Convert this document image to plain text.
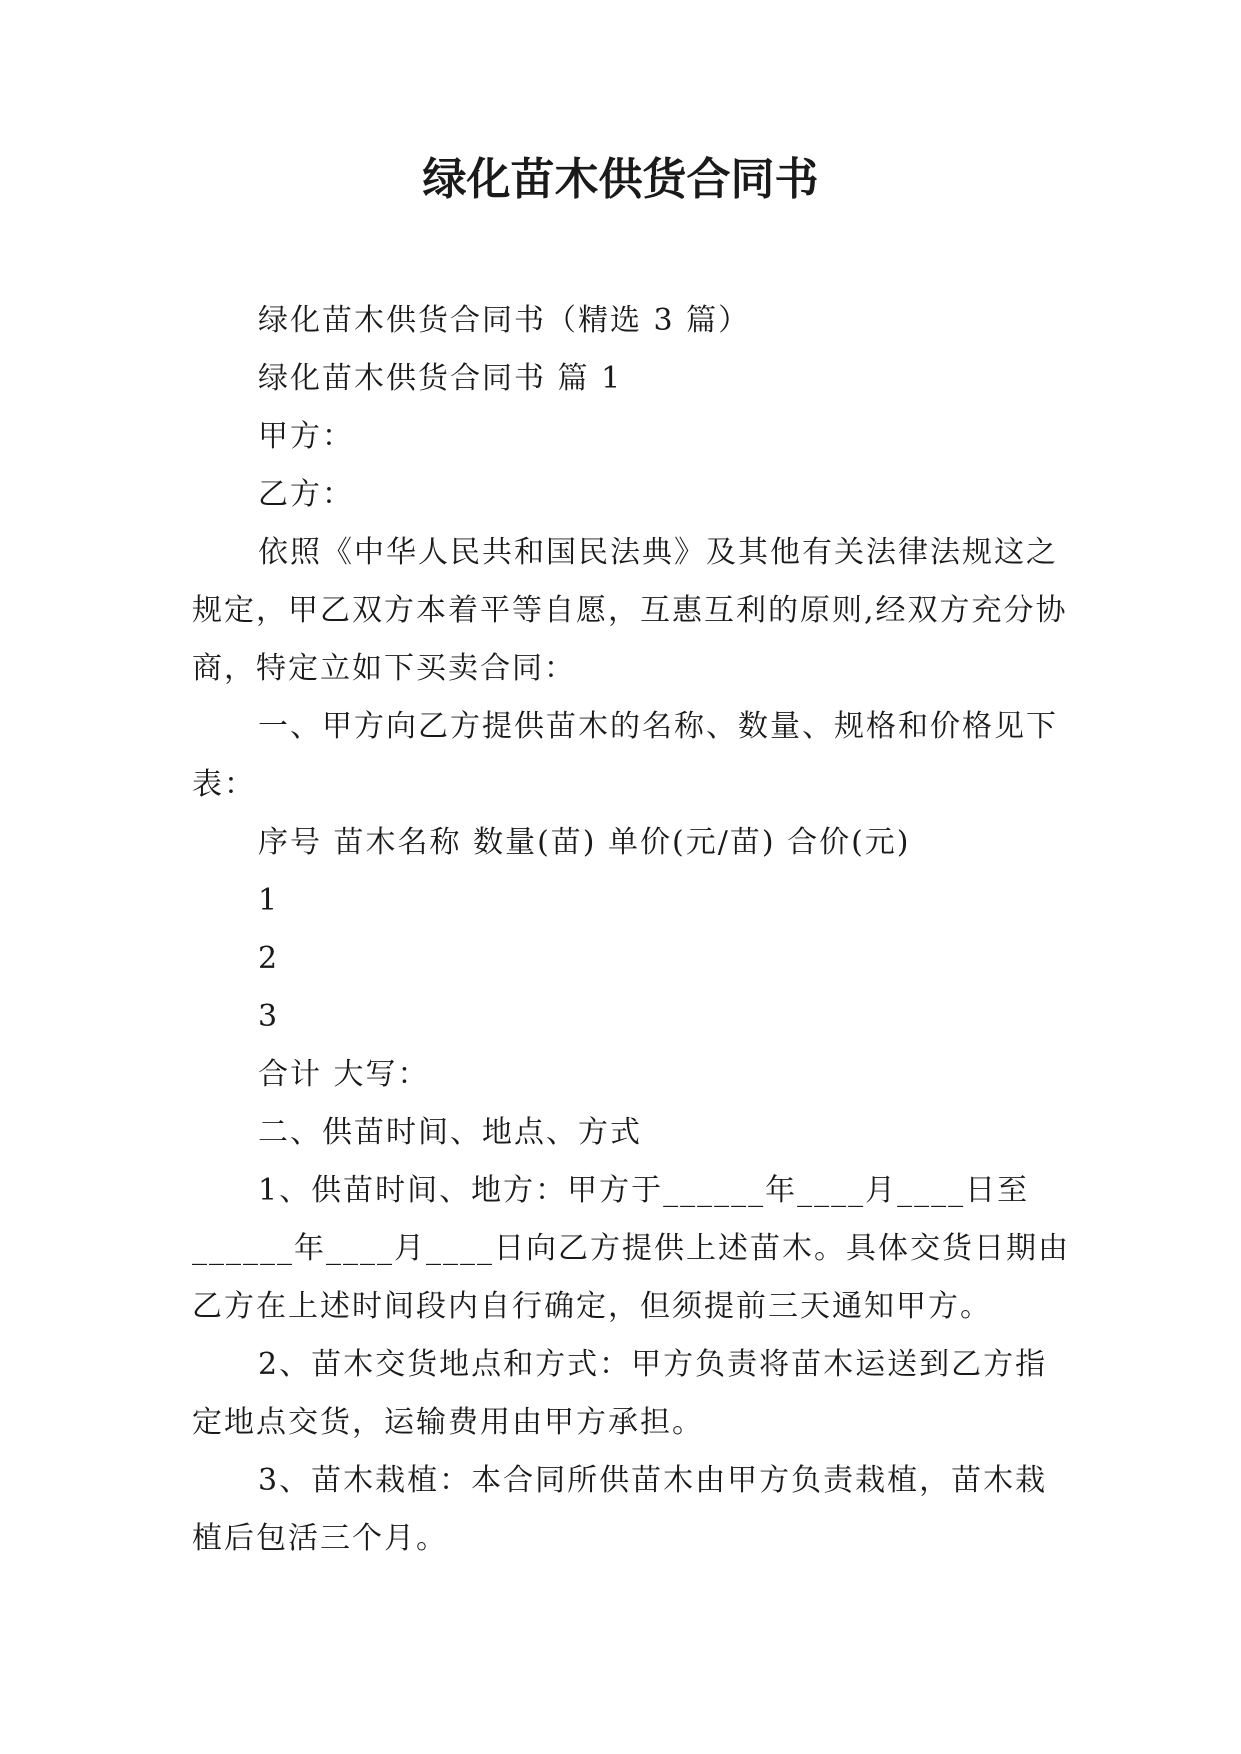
绿化苗木供货合同书

绿化苗木供货合同书（精选 3 篇）

绿化苗木供货合同书 篇 1

甲方：

乙方：

依照《中华人民共和国民法典》及其他有关法律法规这之规定，甲乙双方本着平等自愿，互惠互利的原则,经双方充分协商，特定立如下买卖合同：

一、甲方向乙方提供苗木的名称、数量、规格和价格见下表：

序号 苗木名称 数量(苗) 单价(元/苗) 合价(元)

1

2

3

合计 大写：

二、供苗时间、地点、方式

1、供苗时间、地方：甲方于______年____月____日至______年____月____日向乙方提供上述苗木。具体交货日期由乙方在上述时间段内自行确定，但须提前三天通知甲方。

2、苗木交货地点和方式：甲方负责将苗木运送到乙方指定地点交货，运输费用由甲方承担。

3、苗木栽植：本合同所供苗木由甲方负责栽植，苗木栽植后包活三个月。
